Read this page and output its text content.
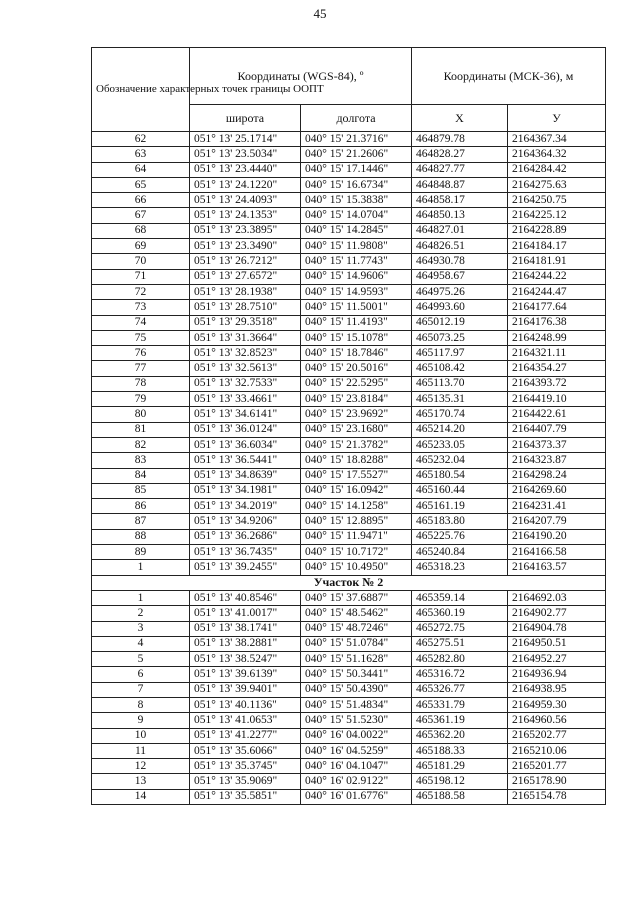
45
Обозначение характерных точек границы ООПТ	Координаты (WGS-84), º		Координаты (МСК-36), м	
	широта	долгота	Х	У
62	051° 13' 25.1714"	040° 15' 21.3716"	464879.78	2164367.34
63	051° 13' 23.5034"	040° 15' 21.2606"	464828.27	2164364.32
64	051° 13' 23.4440"	040° 15' 17.1446"	464827.77	2164284.42
65	051° 13' 24.1220"	040° 15' 16.6734"	464848.87	2164275.63
66	051° 13' 24.4093"	040° 15' 15.3838"	464858.17	2164250.75
67	051° 13' 24.1353"	040° 15' 14.0704"	464850.13	2164225.12
68	051° 13' 23.3895"	040° 15' 14.2845"	464827.01	2164228.89
69	051° 13' 23.3490"	040° 15' 11.9808"	464826.51	2164184.17
70	051° 13' 26.7212"	040° 15' 11.7743"	464930.78	2164181.91
71	051° 13' 27.6572"	040° 15' 14.9606"	464958.67	2164244.22
72	051° 13' 28.1938"	040° 15' 14.9593"	464975.26	2164244.47
73	051° 13' 28.7510"	040° 15' 11.5001"	464993.60	2164177.64
74	051° 13' 29.3518"	040° 15' 11.4193"	465012.19	2164176.38
75	051° 13' 31.3664"	040° 15' 15.1078"	465073.25	2164248.99
76	051° 13' 32.8523"	040° 15' 18.7846"	465117.97	2164321.11
77	051° 13' 32.5613"	040° 15' 20.5016"	465108.42	2164354.27
78	051° 13' 32.7533"	040° 15' 22.5295"	465113.70	2164393.72
79	051° 13' 33.4661"	040° 15' 23.8184"	465135.31	2164419.10
80	051° 13' 34.6141"	040° 15' 23.9692"	465170.74	2164422.61
81	051° 13' 36.0124"	040° 15' 23.1680"	465214.20	2164407.79
82	051° 13' 36.6034"	040° 15' 21.3782"	465233.05	2164373.37
83	051° 13' 36.5441"	040° 15' 18.8288"	465232.04	2164323.87
84	051° 13' 34.8639"	040° 15' 17.5527"	465180.54	2164298.24
85	051° 13' 34.1981"	040° 15' 16.0942"	465160.44	2164269.60
86	051° 13' 34.2019"	040° 15' 14.1258"	465161.19	2164231.41
87	051° 13' 34.9206"	040° 15' 12.8895"	465183.80	2164207.79
88	051° 13' 36.2686"	040° 15' 11.9471"	465225.76	2164190.20
89	051° 13' 36.7435"	040° 15' 10.7172"	465240.84	2164166.58
1	051° 13' 39.2455"	040° 15' 10.4950"	465318.23	2164163.57
Участок № 2				
1	051° 13' 40.8546"	040° 15' 37.6887"	465359.14	2164692.03
2	051° 13' 41.0017"	040° 15' 48.5462"	465360.19	2164902.77
3	051° 13' 38.1741"	040° 15' 48.7246"	465272.75	2164904.78
4	051° 13' 38.2881"	040° 15' 51.0784"	465275.51	2164950.51
5	051° 13' 38.5247"	040° 15' 51.1628"	465282.80	2164952.27
6	051° 13' 39.6139"	040° 15' 50.3441"	465316.72	2164936.94
7	051° 13' 39.9401"	040° 15' 50.4390"	465326.77	2164938.95
8	051° 13' 40.1136"	040° 15' 51.4834"	465331.79	2164959.30
9	051° 13' 41.0653"	040° 15' 51.5230"	465361.19	2164960.56
10	051° 13' 41.2277"	040° 16' 04.0022"	465362.20	2165202.77
11	051° 13' 35.6066"	040° 16' 04.5259"	465188.33	2165210.06
12	051° 13' 35.3745"	040° 16' 04.1047"	465181.29	2165201.77
13	051° 13' 35.9069"	040° 16' 02.9122"	465198.12	2165178.90
14	051° 13' 35.5851"	040° 16' 01.6776"	465188.58	2165154.78
